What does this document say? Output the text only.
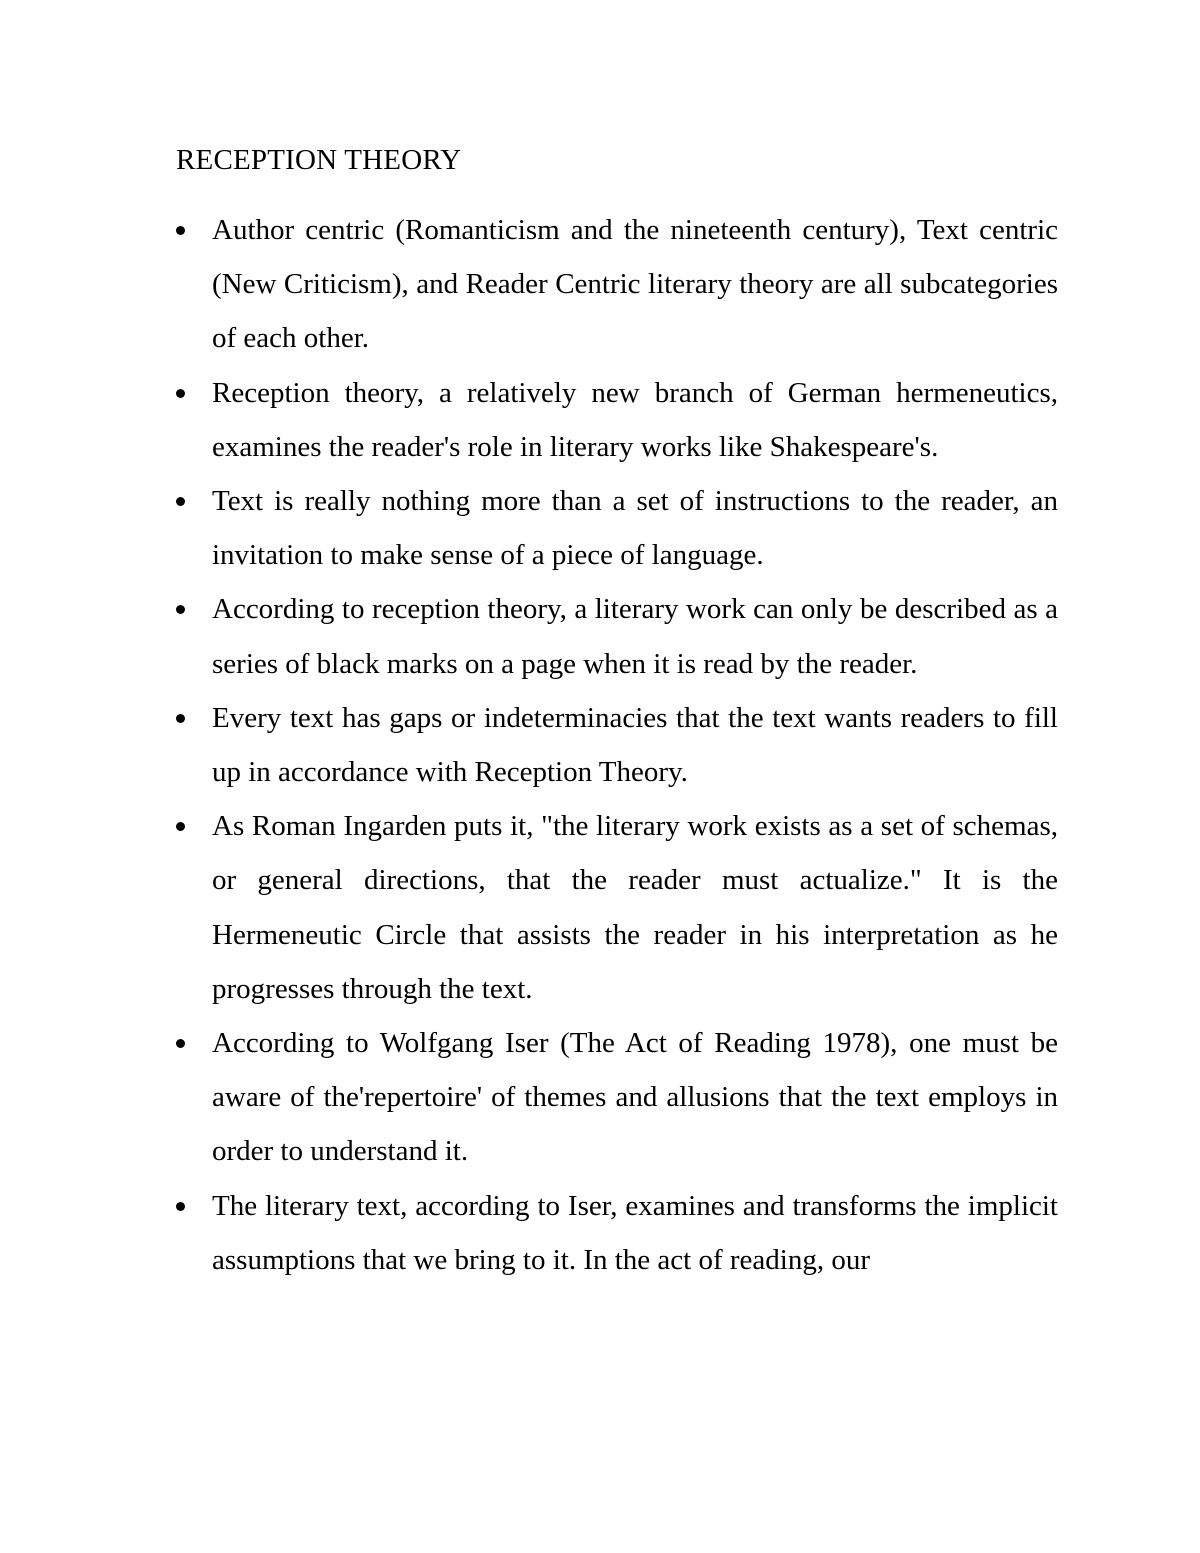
RECEPTION THEORY
Author centric (Romanticism and the nineteenth century), Text centric (New Criticism), and Reader Centric literary theory are all subcategories of each other.
Reception theory, a relatively new branch of German hermeneutics, examines the reader's role in literary works like Shakespeare's.
Text is really nothing more than a set of instructions to the reader, an invitation to make sense of a piece of language.
According to reception theory, a literary work can only be described as a series of black marks on a page when it is read by the reader.
Every text has gaps or indeterminacies that the text wants readers to fill up in accordance with Reception Theory.
As Roman Ingarden puts it, "the literary work exists as a set of schemas, or general directions, that the reader must actualize." It is the Hermeneutic Circle that assists the reader in his interpretation as he progresses through the text.
According to Wolfgang Iser (The Act of Reading 1978), one must be aware of the'repertoire' of themes and allusions that the text employs in order to understand it.
The literary text, according to Iser, examines and transforms the implicit assumptions that we bring to it. In the act of reading, our
